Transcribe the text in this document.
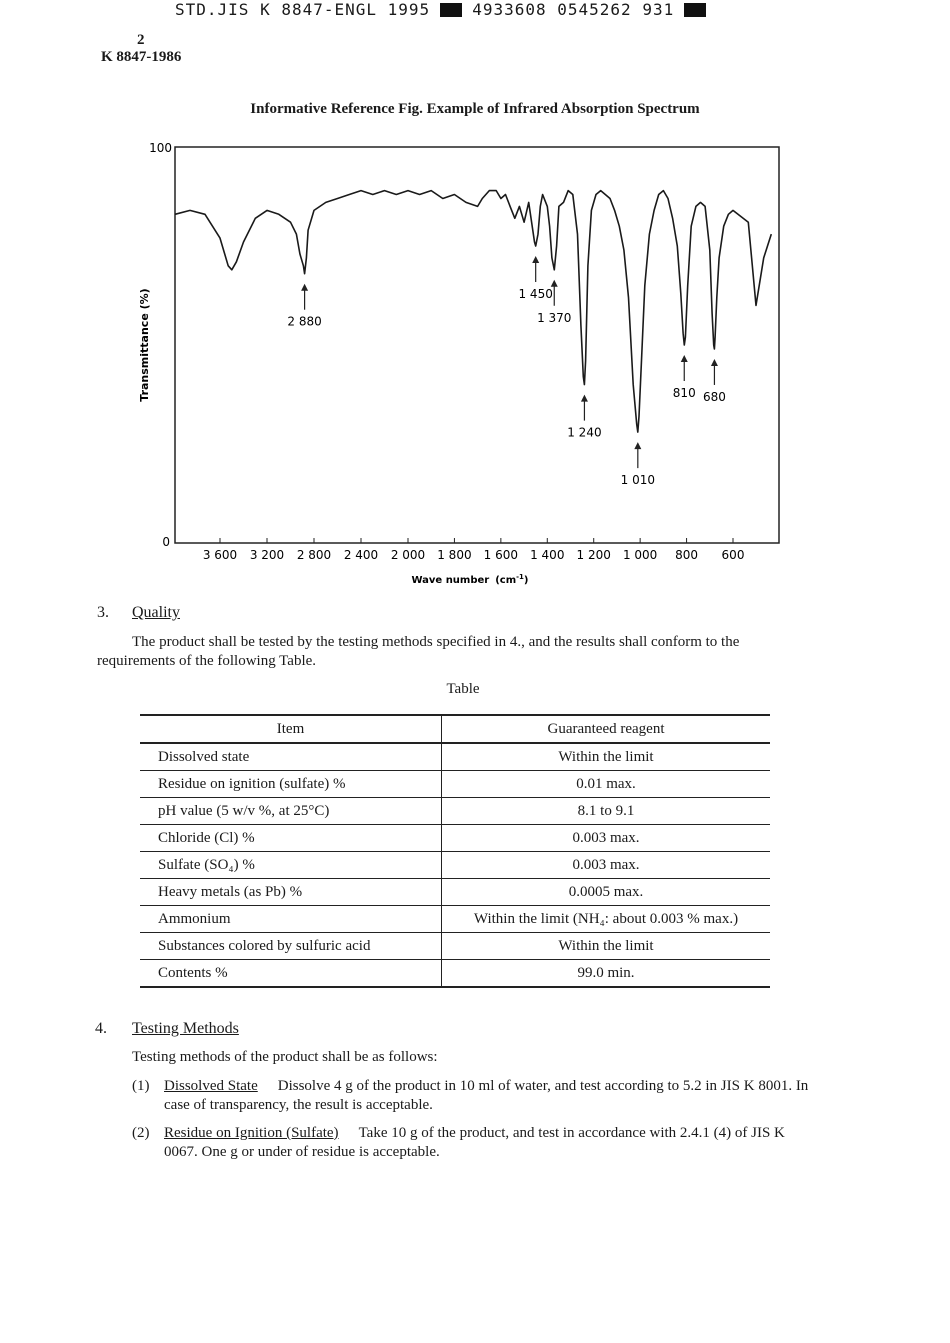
STD.JIS K 8847-ENGL 1995	4933608 0545262 931
2
K 8847-1986
Informative Reference Fig. Example of Infrared Absorption Spectrum
100
0
Transmittance (%)
3 600 3 200 2 800 2 400 2 000 1 800 1 600 1 400 1 200 1 000 800 600
Wave number $(cm^{-1})$
2 880
1 450
1 370
1 240
1 010
810 680
3. Quality
The product shall be tested by the testing methods specified in 4., and the results shall conform to the requirements of the following Table.
Table
Item	Guaranteed reagent
Dissolved state	Within the limit
Residue on ignition (sulfate) %	0.01 max.
pH value (5 w/v %, at 25°C)	8.1 to 9.1
Chloride (Cl) %	0.003 max.
Sulfate (SO₄) %	0.003 max.
Heavy metals (as Pb) %	0.0005 max.
Ammonium	Within the limit (NH₄: about 0.003 % max.)
Substances colored by sulfuric acid	Within the limit
Contents %	99.0 min.
4. Testing Methods
Testing methods of the product shall be as follows:
(1) Dissolved State Dissolve 4 g of the product in 10 ml of water, and test according to 5.2 in JIS K 8001. In case of transparency, the result is acceptable.
(2) Residue on Ignition (Sulfate) Take 10 g of the product, and test in accordance with 2.4.1 (4) of JIS K 0067. One g or under of residue is acceptable.
